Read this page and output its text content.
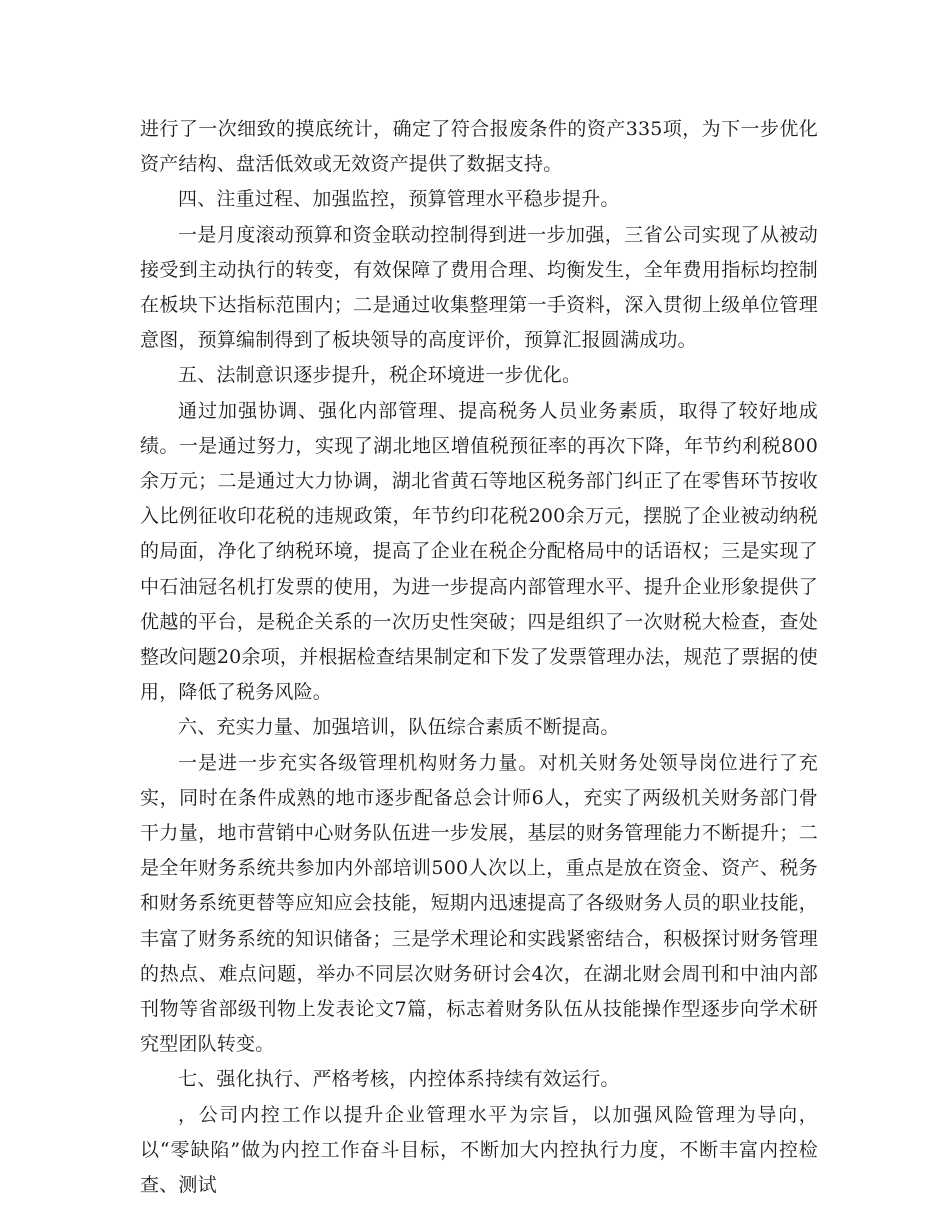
进行了一次细致的摸底统计，确定了符合报废条件的资产335项，为下一步优化资产结构、盘活低效或无效资产提供了数据支持。

四、注重过程、加强监控，预算管理水平稳步提升。

一是月度滚动预算和资金联动控制得到进一步加强，三省公司实现了从被动接受到主动执行的转变，有效保障了费用合理、均衡发生，全年费用指标均控制在板块下达指标范围内；二是通过收集整理第一手资料，深入贯彻上级单位管理意图，预算编制得到了板块领导的高度评价，预算汇报圆满成功。

五、法制意识逐步提升，税企环境进一步优化。

通过加强协调、强化内部管理、提高税务人员业务素质，取得了较好地成绩。一是通过努力，实现了湖北地区增值税预征率的再次下降，年节约利税800余万元；二是通过大力协调，湖北省黄石等地区税务部门纠正了在零售环节按收入比例征收印花税的违规政策，年节约印花税200余万元，摆脱了企业被动纳税的局面，净化了纳税环境，提高了企业在税企分配格局中的话语权；三是实现了中石油冠名机打发票的使用，为进一步提高内部管理水平、提升企业形象提供了优越的平台，是税企关系的一次历史性突破；四是组织了一次财税大检查，查处整改问题20余项，并根据检查结果制定和下发了发票管理办法，规范了票据的使用，降低了税务风险。

六、充实力量、加强培训，队伍综合素质不断提高。

一是进一步充实各级管理机构财务力量。对机关财务处领导岗位进行了充实，同时在条件成熟的地市逐步配备总会计师6人，充实了两级机关财务部门骨干力量，地市营销中心财务队伍进一步发展，基层的财务管理能力不断提升；二是全年财务系统共参加内外部培训500人次以上，重点是放在资金、资产、税务和财务系统更替等应知应会技能，短期内迅速提高了各级财务人员的职业技能，丰富了财务系统的知识储备；三是学术理论和实践紧密结合，积极探讨财务管理的热点、难点问题，举办不同层次财务研讨会4次，在湖北财会周刊和中油内部刊物等省部级刊物上发表论文7篇，标志着财务队伍从技能操作型逐步向学术研究型团队转变。

七、强化执行、严格考核，内控体系持续有效运行。

，公司内控工作以提升企业管理水平为宗旨，以加强风险管理为导向，以“零缺陷”做为内控工作奋斗目标，不断加大内控执行力度，不断丰富内控检查、测试
